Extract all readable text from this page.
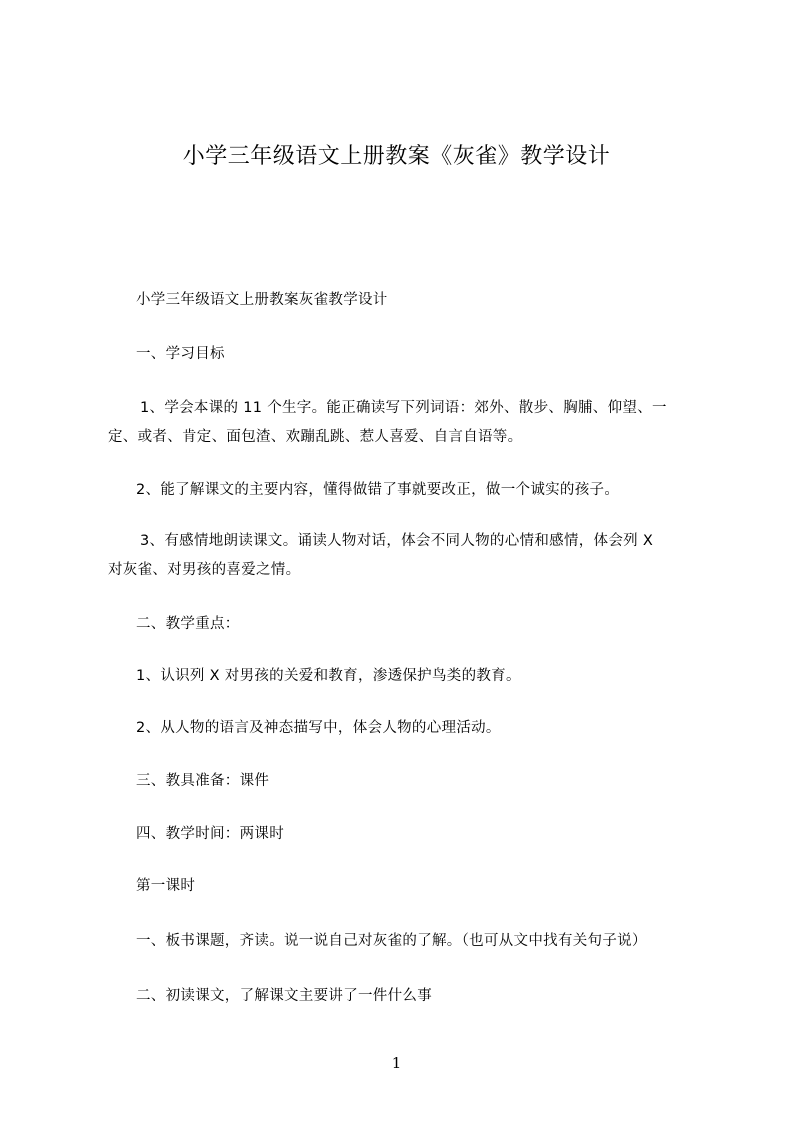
小学三年级语文上册教案《灰雀》教学设计
小学三年级语文上册教案灰雀教学设计
一、学习目标
1、学会本课的 11 个生字。能正确读写下列词语：郊外、散步、胸脯、仰望、一
定、或者、肯定、面包渣、欢蹦乱跳、惹人喜爱、自言自语等。
2、能了解课文的主要内容，懂得做错了事就要改正，做一个诚实的孩子。
3、有感情地朗读课文。诵读人物对话，体会不同人物的心情和感情，体会列 X
对灰雀、对男孩的喜爱之情。
二、教学重点：
1、认识列 X 对男孩的关爱和教育，渗透保护鸟类的教育。
2、从人物的语言及神态描写中，体会人物的心理活动。
三、教具准备：课件
四、教学时间：两课时
第一课时
一、板书课题，齐读。说一说自己对灰雀的了解。（也可从文中找有关句子说）
二、初读课文，了解课文主要讲了一件什么事
1
